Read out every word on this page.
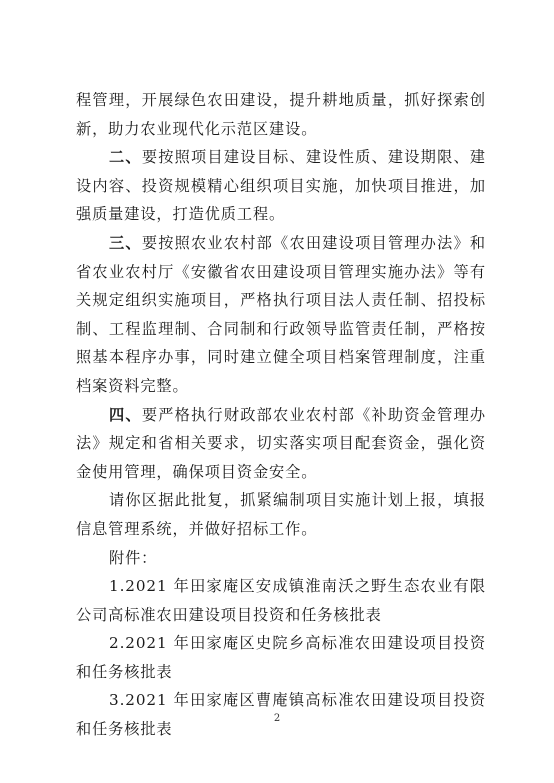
程管理，开展绿色农田建设，提升耕地质量，抓好探索创新，助力农业现代化示范区建设。

二、要按照项目建设目标、建设性质、建设期限、建设内容、投资规模精心组织项目实施，加快项目推进，加强质量建设，打造优质工程。

三、要按照农业农村部《农田建设项目管理办法》和省农业农村厅《安徽省农田建设项目管理实施办法》等有关规定组织实施项目，严格执行项目法人责任制、招投标制、工程监理制、合同制和行政领导监管责任制，严格按照基本程序办事，同时建立健全项目档案管理制度，注重档案资料完整。

四、要严格执行财政部农业农村部《补助资金管理办法》规定和省相关要求，切实落实项目配套资金，强化资金使用管理，确保项目资金安全。

请你区据此批复，抓紧编制项目实施计划上报，填报信息管理系统，并做好招标工作。

附件：

1.2021 年田家庵区安成镇淮南沃之野生态农业有限公司高标准农田建设项目投资和任务核批表

2.2021 年田家庵区史院乡高标准农田建设项目投资和任务核批表

3.2021 年田家庵区曹庵镇高标准农田建设项目投资和任务核批表

2
